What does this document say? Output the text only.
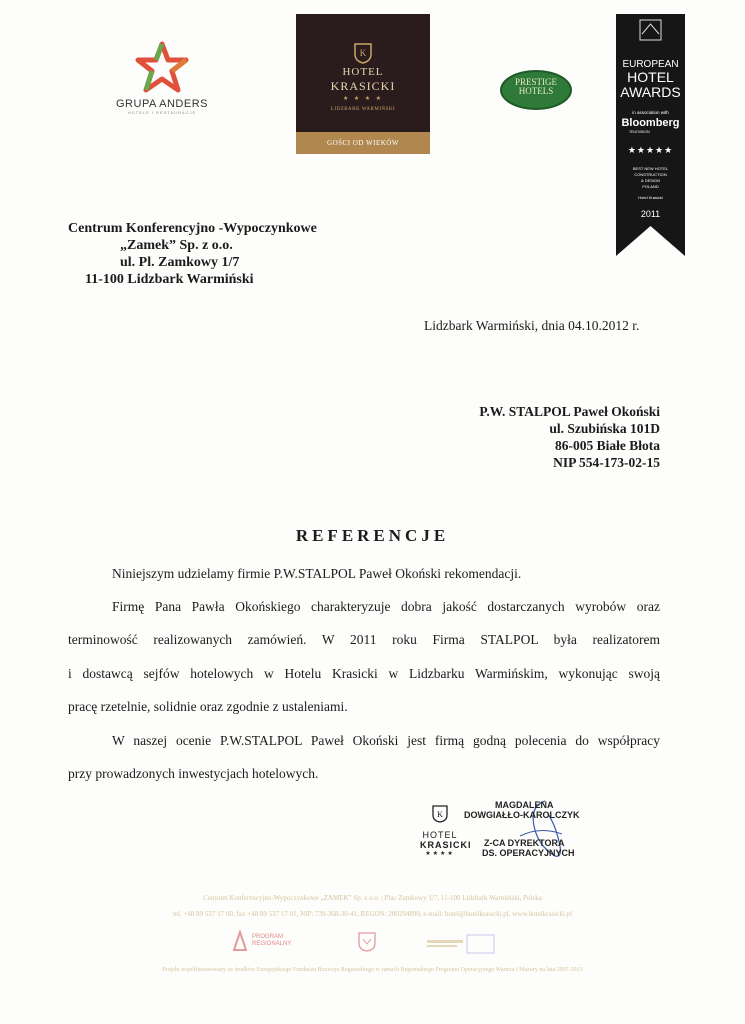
GRUPA ANDERS
HOTELE I RESTAURACJE
K
HOTEL
KRASICKI
★ ★ ★ ★
LIDZBARK WARMIŃSKI
GOŚCI OD WIEKÓW
PRESTIGE
HOTELS
EUROPEAN
HOTEL
AWARDS
in association with
Bloomberg
TELEVISION
★★★★★
BEST NEW HOTEL
CONSTRUCTION
& DESIGN
POLAND
Hotel Krasicki
2011
Centrum Konferencyjno -Wypoczynkowe
„Zamek” Sp. z o.o.
ul. Pl. Zamkowy 1/7
11-100 Lidzbark Warmiński
Lidzbark Warmiński, dnia 04.10.2012 r.
P.W. STALPOL Paweł Okoński
ul. Szubińska 101D
86-005 Białe Błota
NIP 554-173-02-15
REFERENCJE
Niniejszym udzielamy firmie P.W.STALPOL Paweł Okoński rekomendacji.
Firmę Pana Pawła Okońskiego charakteryzuje dobra jakość dostarczanych wyrobów oraz
terminowość realizowanych zamówień. W 2011 roku Firma STALPOL była realizatorem
i dostawcą sejfów hotelowych w Hotelu Krasicki w Lidzbarku Warmińskim, wykonując swoją
pracę rzetelnie, solidnie oraz zgodnie z ustaleniami.
W naszej ocenie P.W.STALPOL Paweł Okoński jest firmą godną polecenia do współpracy
przy prowadzonych inwestycjach hotelowych.
K
HOTEL
KRASICKI
★★★★
MAGDALENA
DOWGIAŁŁO-KAROLCZYK
Z-CA DYREKTORA
DS. OPERACYJNYCH
Centrum Konferencyjno-Wypoczynkowe „ZAMEK” Sp. z o.o. | Plac Zamkowy 1/7, 11-100 Lidzbark Warmiński, Polska
tel. +48 89 537 17 00, fax +48 89 537 17 01, NIP: 739-368-30-41, REGON: 280294890, e-mail: hotel@hotelkrasicki.pl, www.hotelkrasicki.pl
PROGRAM
REGIONALNY
Projekt współfinansowany ze środków Europejskiego Funduszu Rozwoju Regionalnego w ramach Regionalnego Programu Operacyjnego Warmia i Mazury na lata 2007-2013
